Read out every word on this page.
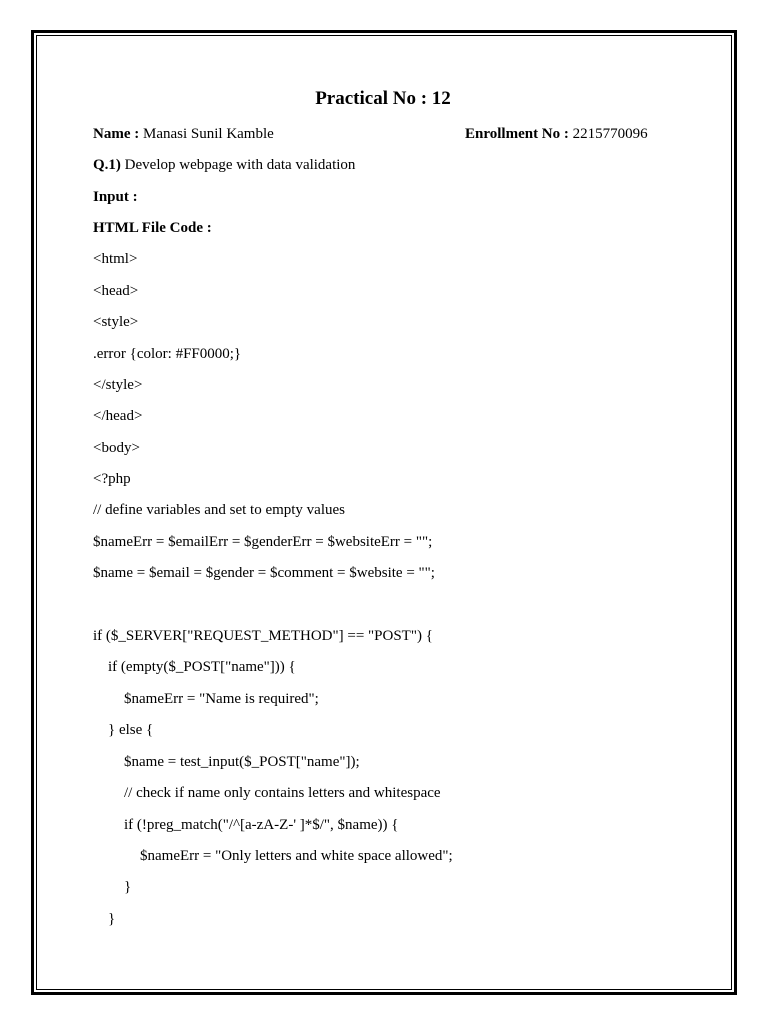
Practical No : 12
Name : Manasi Sunil Kamble	Enrollment No : 2215770096
Q.1) Develop webpage with data validation
Input :
HTML File Code :
<html>
<head>
<style>
.error {color: #FF0000;}
</style>
</head>
<body>
<?php
// define variables and set to empty values
$nameErr = $emailErr = $genderErr = $websiteErr = "";
$name = $email = $gender = $comment = $website = "";
if ($_SERVER["REQUEST_METHOD"] == "POST") {
if (empty($_POST["name"])) {
$nameErr = "Name is required";
} else {
$name = test_input($_POST["name"]);
// check if name only contains letters and whitespace
if (!preg_match("/^[a-zA-Z-' ]*$/", $name)) {
$nameErr = "Only letters and white space allowed";
}
}
